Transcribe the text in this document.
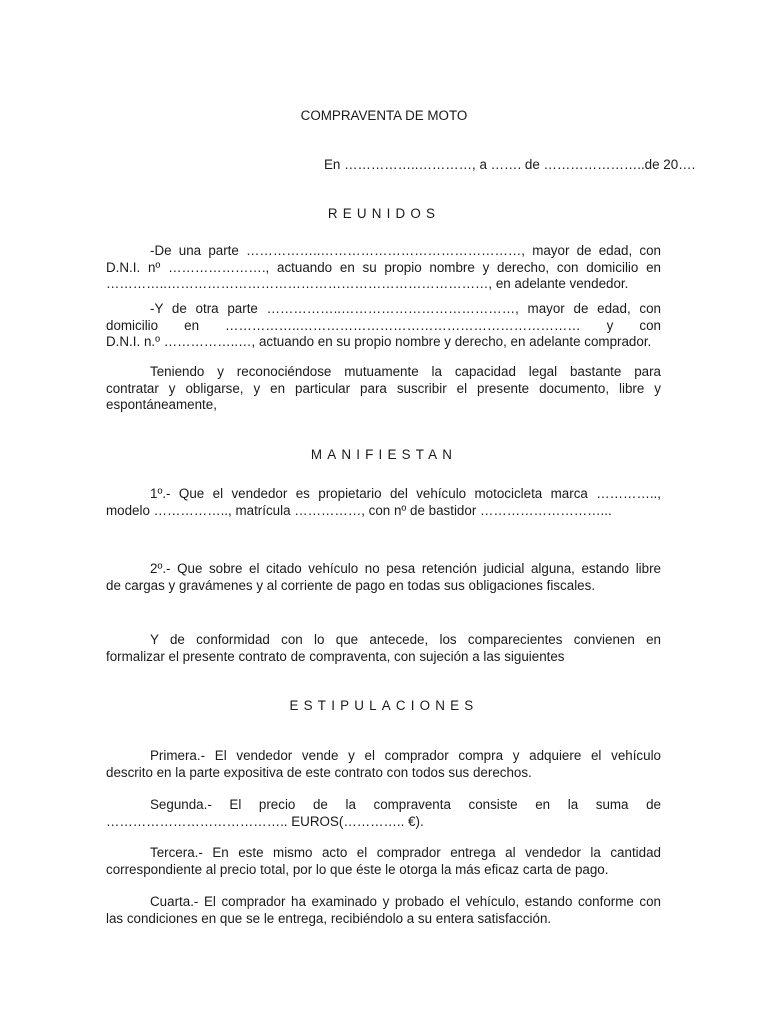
COMPRAVENTA DE MOTO
En ……………..…………, a ……. de …………………..de 20….
REUNIDOS
-De una parte ……………..………………………………………, mayor de edad, con
D.N.I. nº …………………., actuando en su propio nombre y derecho, con domicilio en
…………..………………………………………………………………, en adelante vendedor.
-Y de otra parte ……………..…………………………………, mayor de edad, con
domicilio en ……………..……………………………………………………… y con
D.N.I. n.º ……………..…, actuando en su propio nombre y derecho, en adelante comprador.
Teniendo y reconociéndose mutuamente la capacidad legal bastante para
contratar y obligarse, y en particular para suscribir el presente documento, libre y
espontáneamente,
MANIFIESTAN
1º.- Que el vendedor es propietario del vehículo motocicleta marca …………..,
modelo …………….., matrícula ……………, con nº de bastidor ………………………...
2º.- Que sobre el citado vehículo no pesa retención judicial alguna, estando libre
de cargas y gravámenes y al corriente de pago en todas sus obligaciones fiscales.
Y de conformidad con lo que antecede, los comparecientes convienen en
formalizar el presente contrato de compraventa, con sujeción a las siguientes
ESTIPULACIONES
Primera.- El vendedor vende y el comprador compra y adquiere el vehículo
descrito en la parte expositiva de este contrato con todos sus derechos.
Segunda.- El precio de la compraventa consiste en la suma de
………………………………….. EUROS(………….. €).
Tercera.- En este mismo acto el comprador entrega al vendedor la cantidad
correspondiente al precio total, por lo que éste le otorga la más eficaz carta de pago.
Cuarta.- El comprador ha examinado y probado el vehículo, estando conforme con
las condiciones en que se le entrega, recibiéndolo a su entera satisfacción.
